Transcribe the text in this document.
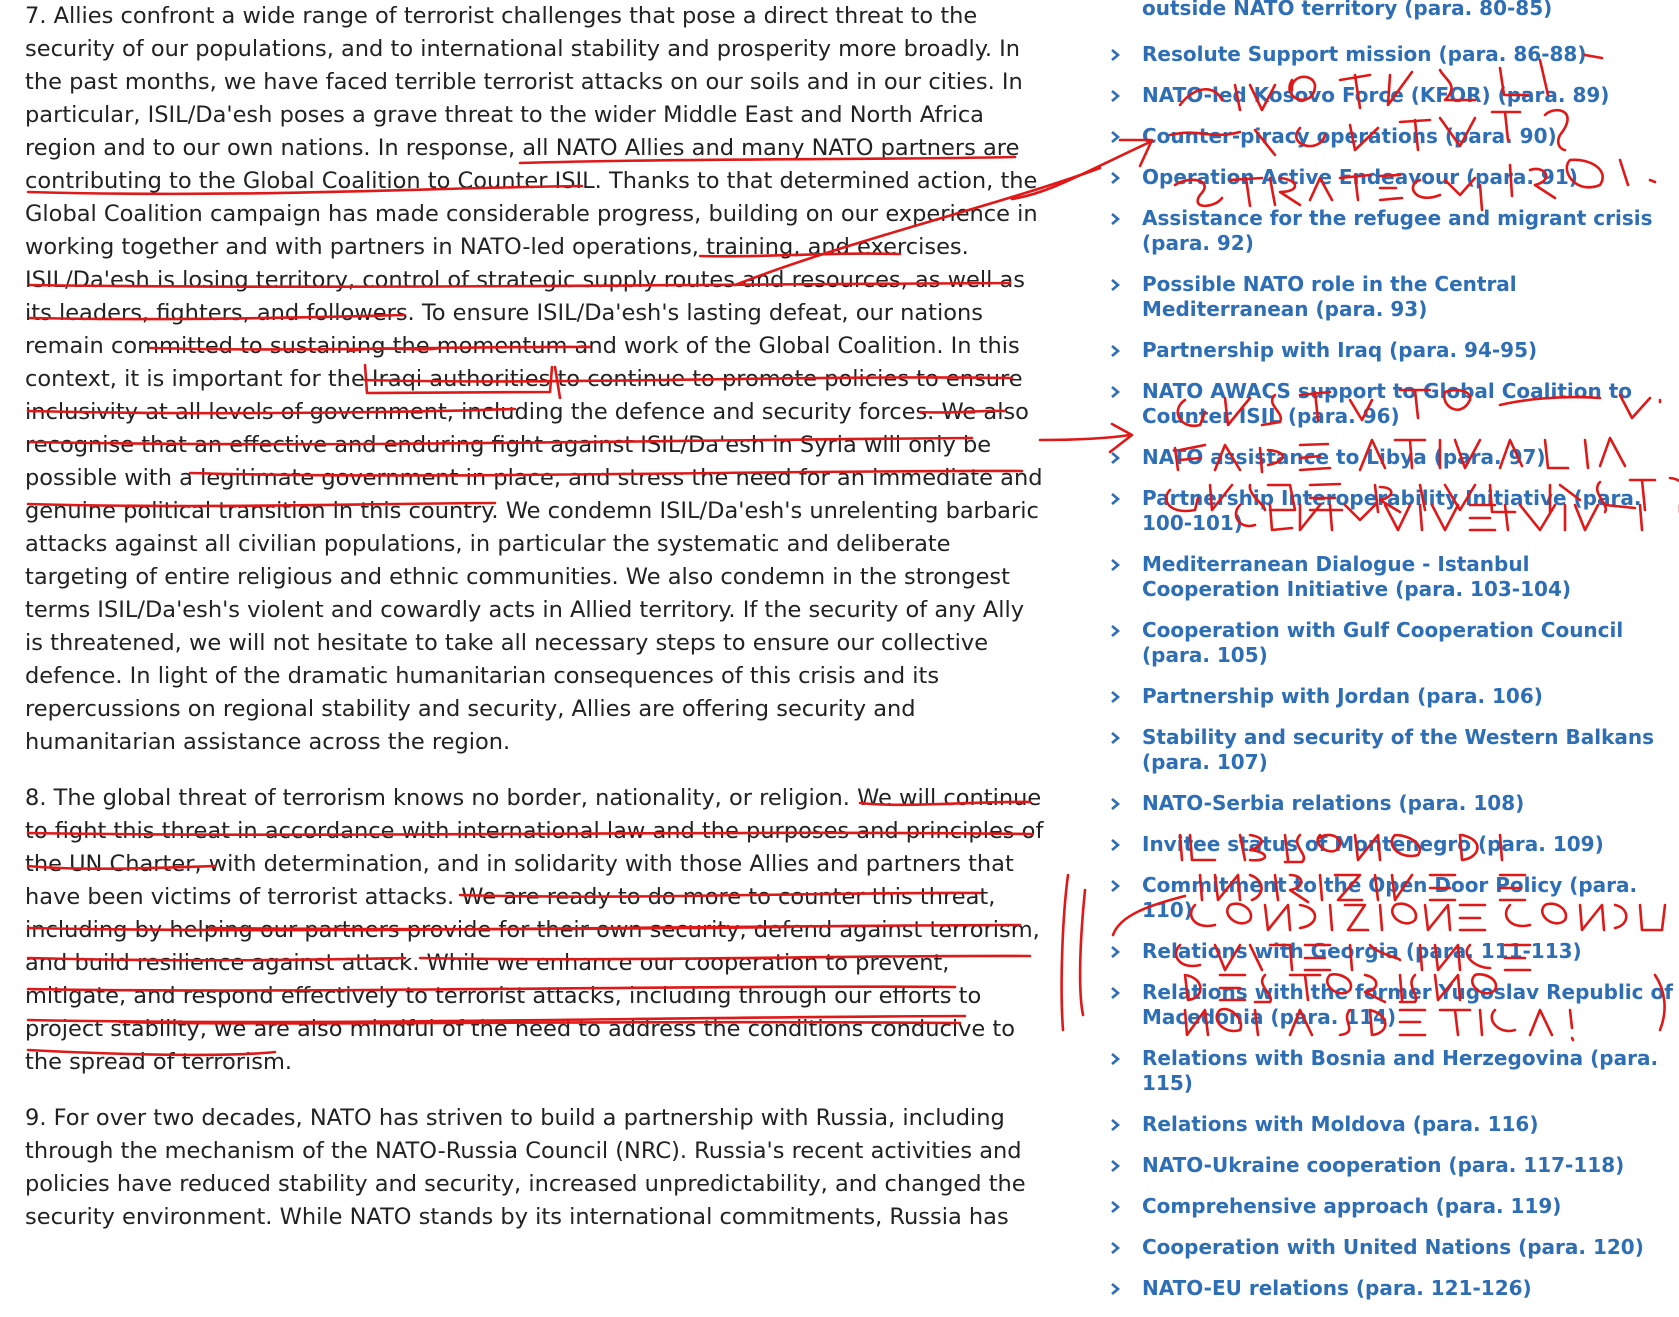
7. Allies confront a wide range of terrorist challenges that pose a direct threat to the security of our populations, and to international stability and prosperity more broadly. In the past months, we have faced terrible terrorist attacks on our soils and in our cities. In particular, ISIL/Da'esh poses a grave threat to the wider Middle East and North Africa region and to our own nations. In response, all NATO Allies and many NATO partners are contributing to the Global Coalition to Counter ISIL. Thanks to that determined action, the Global Coalition campaign has made considerable progress, building on our experience in working together and with partners in NATO-led operations, training, and exercises. ISIL/Da'esh is losing territory, control of strategic supply routes and resources, as well as its leaders, fighters, and followers. To ensure ISIL/Da'esh's lasting defeat, our nations remain committed to sustaining the momentum and work of the Global Coalition. In this context, it is important for the Iraqi authorities to continue to promote policies to ensure inclusivity at all levels of government, including the defence and security forces. We also recognise that an effective and enduring fight against ISIL/Da'esh in Syria will only be possible with a legitimate government in place, and stress the need for an immediate and genuine political transition in this country. We condemn ISIL/Da'esh's unrelenting barbaric attacks against all civilian populations, in particular the systematic and deliberate targeting of entire religious and ethnic communities. We also condemn in the strongest terms ISIL/Da'esh's violent and cowardly acts in Allied territory. If the security of any Ally is threatened, we will not hesitate to take all necessary steps to ensure our collective defence. In light of the dramatic humanitarian consequences of this crisis and its repercussions on regional stability and security, Allies are offering security and humanitarian assistance across the region.

8. The global threat of terrorism knows no border, nationality, or religion. We will continue to fight this threat in accordance with international law and the purposes and principles of the UN Charter, with determination, and in solidarity with those Allies and partners that have been victims of terrorist attacks. We are ready to do more to counter this threat, including by helping our partners provide for their own security, defend against terrorism, and build resilience against attack. While we enhance our cooperation to prevent, mitigate, and respond effectively to terrorist attacks, including through our efforts to project stability, we are also mindful of the need to address the conditions conducive to the spread of terrorism.

9. For over two decades, NATO has striven to build a partnership with Russia, including through the mechanism of the NATO-Russia Council (NRC). Russia's recent activities and policies have reduced stability and security, increased unpredictability, and changed the security environment. While NATO stands by its international commitments, Russia has

outside NATO territory (para. 80-85)
Resolute Support mission (para. 86-88)
NATO-led Kosovo Force (KFOR) (para. 89)
Counter-piracy operations (para. 90)
Operation Active Endeavour (para. 91)
Assistance for the refugee and migrant crisis (para. 92)
Possible NATO role in the Central Mediterranean (para. 93)
Partnership with Iraq (para. 94-95)
NATO AWACS support to Global Coalition to Counter ISIL (para. 96)
NATO assistance to Libya (para. 97)
Partnership Interoperability Initiative (para. 100-101)
Mediterranean Dialogue - Istanbul Cooperation Initiative (para. 103-104)
Cooperation with Gulf Cooperation Council (para. 105)
Partnership with Jordan (para. 106)
Stability and security of the Western Balkans (para. 107)
NATO-Serbia relations (para. 108)
Invitee status of Montenegro (para. 109)
Commitment to the Open Door Policy (para. 110)
Relations with Georgia (para. 111-113)
Relations with the former Yugoslav Republic of Macedonia (para. 114)
Relations with Bosnia and Herzegovina (para. 115)
Relations with Moldova (para. 116)
NATO-Ukraine cooperation (para. 117-118)
Comprehensive approach (para. 119)
Cooperation with United Nations (para. 120)
NATO-EU relations (para. 121-126)
